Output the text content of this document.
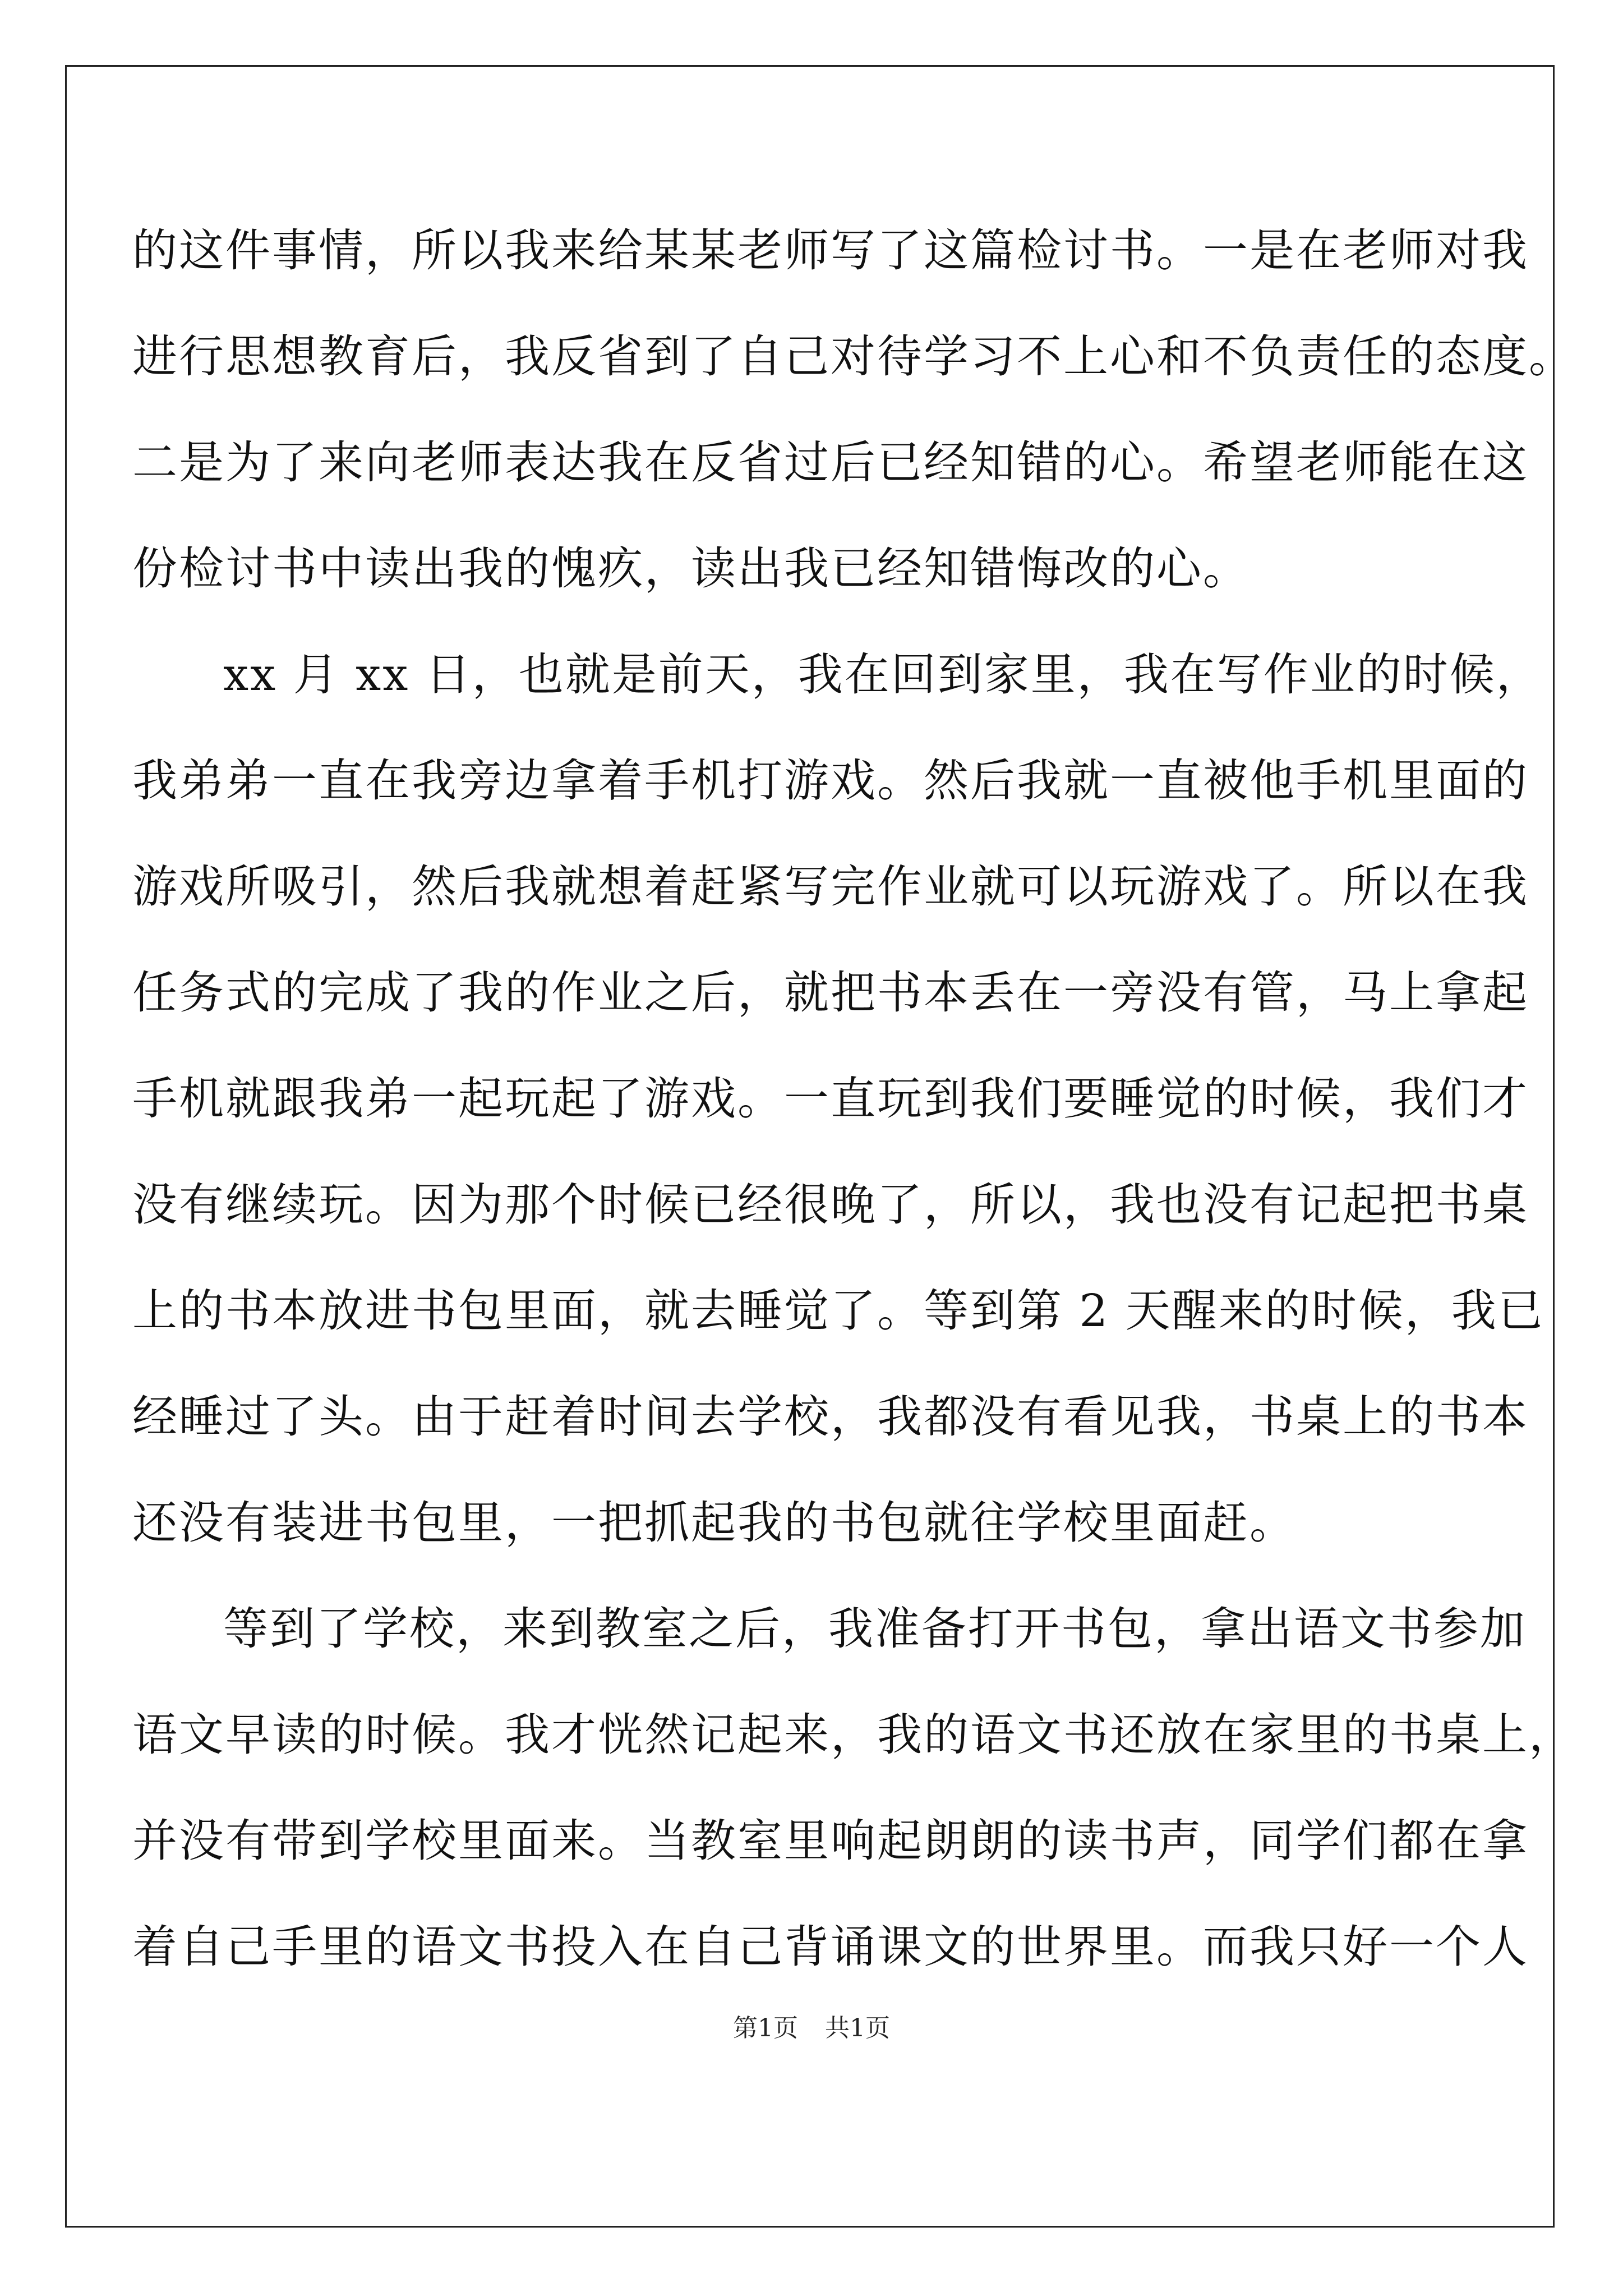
的这件事情，所以我来给某某老师写了这篇检讨书。一是在老师对我
进行思想教育后，我反省到了自己对待学习不上心和不负责任的态度。
二是为了来向老师表达我在反省过后已经知错的心。希望老师能在这
份检讨书中读出我的愧疚，读出我已经知错悔改的心。
xx 月 xx 日，也就是前天，我在回到家里，我在写作业的时候，
我弟弟一直在我旁边拿着手机打游戏。然后我就一直被他手机里面的
游戏所吸引，然后我就想着赶紧写完作业就可以玩游戏了。所以在我
任务式的完成了我的作业之后，就把书本丢在一旁没有管，马上拿起
手机就跟我弟一起玩起了游戏。一直玩到我们要睡觉的时候，我们才
没有继续玩。因为那个时候已经很晚了，所以，我也没有记起把书桌
上的书本放进书包里面，就去睡觉了。等到第 2 天醒来的时候，我已
经睡过了头。由于赶着时间去学校，我都没有看见我，书桌上的书本
还没有装进书包里，一把抓起我的书包就往学校里面赶。
等到了学校，来到教室之后，我准备打开书包，拿出语文书参加
语文早读的时候。我才恍然记起来，我的语文书还放在家里的书桌上，
并没有带到学校里面来。当教室里响起朗朗的读书声，同学们都在拿
着自己手里的语文书投入在自己背诵课文的世界里。而我只好一个人
第1页 共1页
